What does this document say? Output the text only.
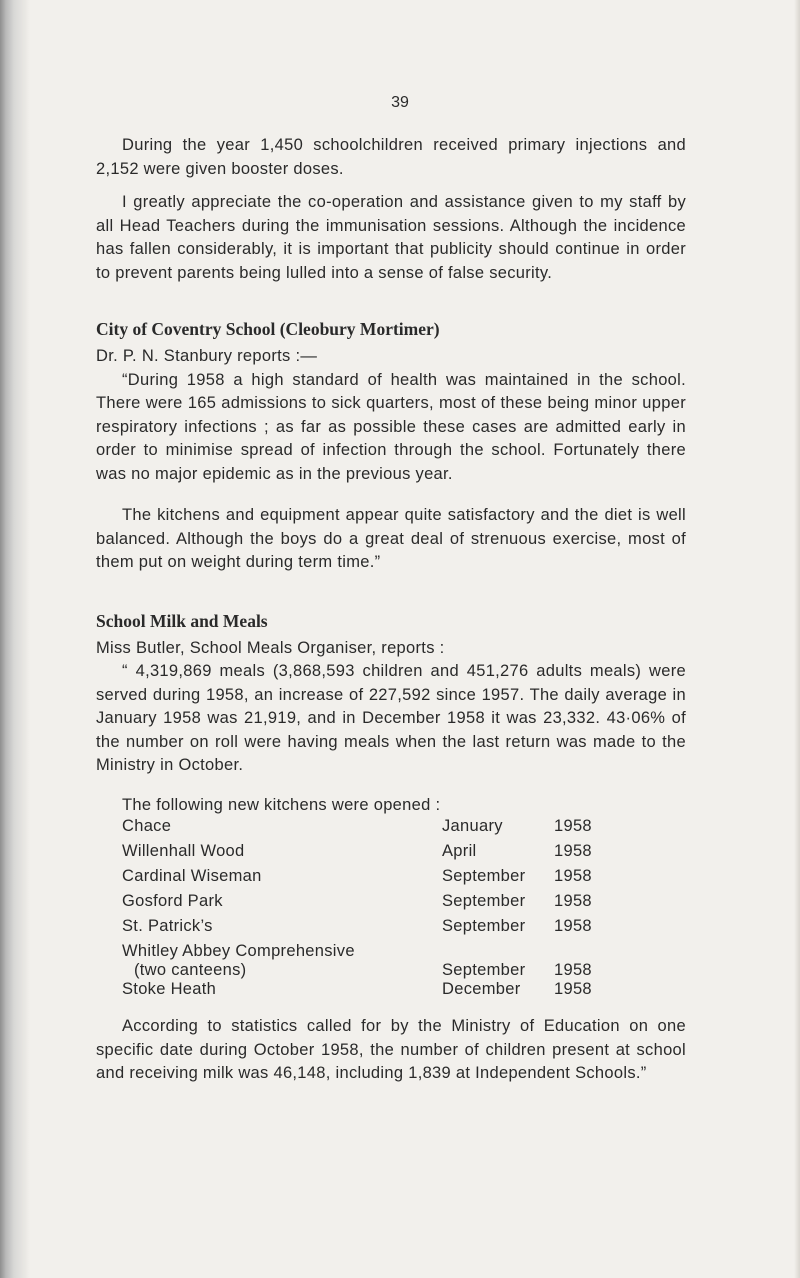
39

During the year 1,450 schoolchildren received primary injections and 2,152 were given booster doses.

I greatly appreciate the co-operation and assistance given to my staff by all Head Teachers during the immunisation sessions. Although the incidence has fallen considerably, it is important that publicity should continue in order to prevent parents being lulled into a sense of false security.

City of Coventry School (Cleobury Mortimer)

Dr. P. N. Stanbury reports :—

“During 1958 a high standard of health was maintained in the school. There were 165 admissions to sick quarters, most of these being minor upper respiratory infections ; as far as possible these cases are admitted early in order to minimise spread of infection through the school. Fortunately there was no major epidemic as in the previous year.

The kitchens and equipment appear quite satisfactory and the diet is well balanced. Although the boys do a great deal of strenuous exercise, most of them put on weight during term time.”

School Milk and Meals

Miss Butler, School Meals Organiser, reports :

“ 4,319,869 meals (3,868,593 children and 451,276 adults meals) were served during 1958, an increase of 227,592 since 1957. The daily average in January 1958 was 21,919, and in December 1958 it was 23,332. 43·06% of the number on roll were having meals when the last return was made to the Ministry in October.

The following new kitchens were opened :

Chace	January	1958
Willenhall Wood	April	1958
Cardinal Wiseman	September	1958
Gosford Park	September	1958
St. Patrick’s	September	1958
Whitley Abbey Comprehensive
(two canteens)	September	1958
Stoke Heath	December	1958

According to statistics called for by the Ministry of Education on one specific date during October 1958, the number of children present at school and receiving milk was 46,148, including 1,839 at Independent Schools.”
